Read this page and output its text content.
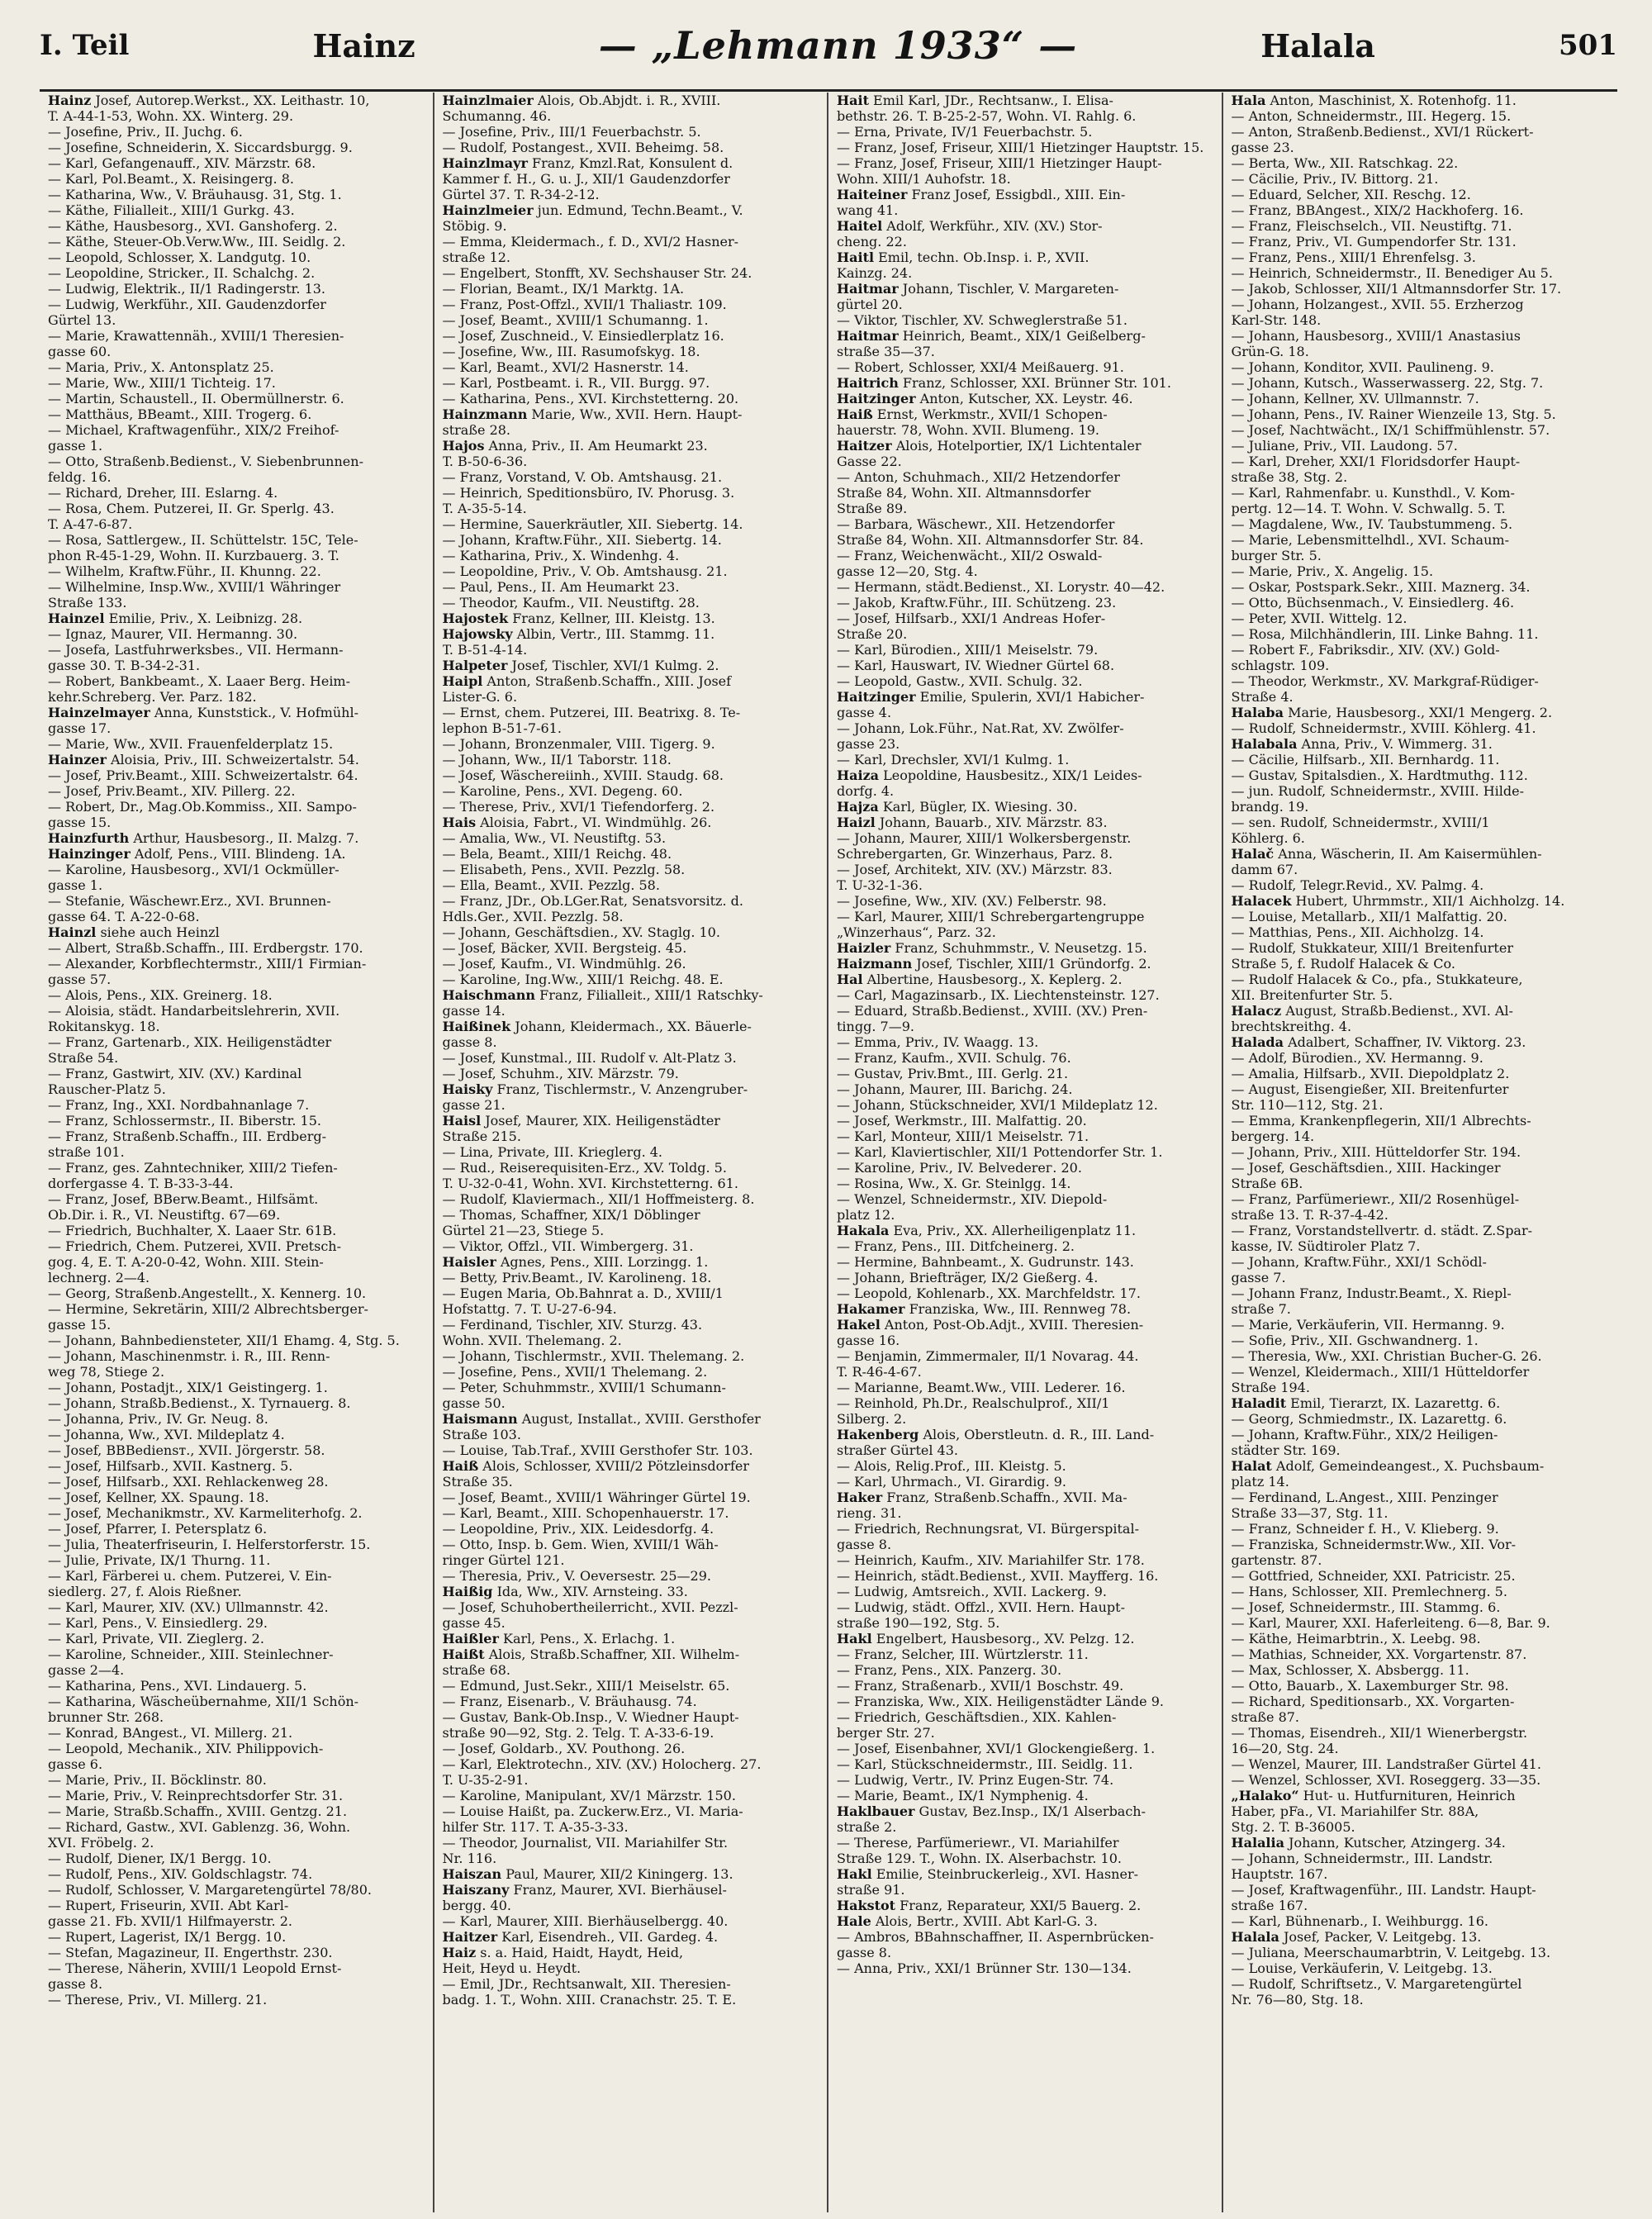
I. Teil	Hainz	— „Lehmann 1933“ —	Halala	501
Hainz Josef, Autorep.Werkst., XX. Leithastr. 10,
T. A-44-1-53, Wohn. XX. Winterg. 29.
— Josefine, Priv., II. Juchg. 6.
— Josefine, Schneiderin, X. Siccardsburgg. 9.
— Karl, Gefangenauff., XIV. Märzstr. 68.
— Karl, Pol.Beamt., X. Reisingerg. 8.
— Katharina, Ww., V. Bräuhausg. 31, Stg. 1.
— Käthe, Filialleit., XIII/1 Gurkg. 43.
— Käthe, Hausbesorg., XVI. Ganshoferg. 2.
— Käthe, Steuer-Ob.Verw.Ww., III. Seidlg. 2.
— Leopold, Schlosser, X. Landgutg. 10.
— Leopoldine, Stricker., II. Schalchg. 2.
— Ludwig, Elektrik., II/1 Radingerstr. 13.
— Ludwig, Werkführ., XII. Gaudenzdorfer
Gürtel 13.
— Marie, Krawattennäh., XVIII/1 Theresien-
gasse 60.
— Maria, Priv., X. Antonsplatz 25.
— Marie, Ww., XIII/1 Tichteig. 17.
— Martin, Schaustell., II. Obermüllnerstr. 6.
— Matthäus, BBeamt., XIII. Trogerg. 6.
— Michael, Kraftwagenführ., XIX/2 Freihof-
gasse 1.
— Otto, Straßenb.Bedienst., V. Siebenbrunnen-
feldg. 16.
— Richard, Dreher, III. Eslarng. 4.
— Rosa, Chem. Putzerei, II. Gr. Sperlg. 43.
T. A-47-6-87.
— Rosa, Sattlergew., II. Schüttelstr. 15C, Tele-
phon R-45-1-29, Wohn. II. Kurzbauerg. 3. T.
— Wilhelm, Kraftw.Führ., II. Khunng. 22.
— Wilhelmine, Insp.Ww., XVIII/1 Währinger
Straße 133.
Hainzel Emilie, Priv., X. Leibnizg. 28.
— Ignaz, Maurer, VII. Hermanng. 30.
— Josefa, Lastfuhrwerksbes., VII. Hermann-
gasse 30. T. B-34-2-31.
— Robert, Bankbeamt., X. Laaer Berg. Heim-
kehr.Schreberg. Ver. Parz. 182.
Hainzelmayer Anna, Kunststick., V. Hofmühl-
gasse 17.
— Marie, Ww., XVII. Frauenfelderplatz 15.
Hainzer Aloisia, Priv., III. Schweizertalstr. 54.
— Josef, Priv.Beamt., XIII. Schweizertalstr. 64.
— Josef, Priv.Beamt., XIV. Pillerg. 22.
— Robert, Dr., Mag.Ob.Kommiss., XII. Sampo-
gasse 15.
Hainzfurth Arthur, Hausbesorg., II. Malzg. 7.
Hainzinger Adolf, Pens., VIII. Blindeng. 1A.
— Karoline, Hausbesorg., XVI/1 Ockmüller-
gasse 1.
— Stefanie, Wäschewr.Erz., XVI. Brunnen-
gasse 64. T. A-22-0-68.
Hainzl siehe auch Heinzl
— Albert, Straßb.Schaffn., III. Erdbergstr. 170.
— Alexander, Korbflechtermstr., XIII/1 Firmian-
gasse 57.
— Alois, Pens., XIX. Greinerg. 18.
— Aloisia, städt. Handarbeitslehrerin, XVII.
Rokitanskyg. 18.
— Franz, Gartenarb., XIX. Heiligenstädter
Straße 54.
— Franz, Gastwirt, XIV. (XV.) Kardinal
Rauscher-Platz 5.
— Franz, Ing., XXI. Nordbahnanlage 7.
— Franz, Schlossermstr., II. Biberstr. 15.
— Franz, Straßenb.Schaffn., III. Erdberg-
straße 101.
— Franz, ges. Zahntechniker, XIII/2 Tiefen-
dorfergasse 4. T. B-33-3-44.
— Franz, Josef, BBerw.Beamt., Hilfsämt.
Ob.Dir. i. R., VI. Neustiftg. 67—69.
— Friedrich, Buchhalter, X. Laaer Str. 61B.
— Friedrich, Chem. Putzerei, XVII. Pretsch-
gog. 4, E. T. A-20-0-42, Wohn. XIII. Stein-
lechnerg. 2—4.
— Georg, Straßenb.Angestellt., X. Kennerg. 10.
— Hermine, Sekretärin, XIII/2 Albrechtsberger-
gasse 15.
— Johann, Bahnbediensteter, XII/1 Ehamg. 4, Stg. 5.
— Johann, Maschinenmstr. i. R., III. Renn-
weg 78, Stiege 2.
— Johann, Postadjt., XIX/1 Geistingerg. 1.
— Johann, Straßb.Bedienst., X. Tyrnauerg. 8.
— Johanna, Priv., IV. Gr. Neug. 8.
— Johanna, Ww., XVI. Mildeplatz 4.
— Josef, BBBediensт., XVII. Jörgerstr. 58.
— Josef, Hilfsarb., XVII. Kastnerg. 5.
— Josef, Hilfsarb., XXI. Rehlackenweg 28.
— Josef, Kellner, XX. Spaung. 18.
— Josef, Mechanikmstr., XV. Karmeliterhofg. 2.
— Josef, Pfarrer, I. Petersplatz 6.
— Julia, Theaterfriseurin, I. Helferstorferstr. 15.
— Julie, Private, IX/1 Thurng. 11.
— Karl, Färberei u. chem. Putzerei, V. Ein-
siedlerg. 27, f. Alois Rießner.
— Karl, Maurer, XIV. (XV.) Ullmannstr. 42.
— Karl, Pens., V. Einsiedlerg. 29.
— Karl, Private, VII. Zieglerg. 2.
— Karoline, Schneider., XIII. Steinlechner-
gasse 2—4.
— Katharina, Pens., XVI. Lindauerg. 5.
— Katharina, Wäscheübernahme, XII/1 Schön-
brunner Str. 268.
— Konrad, BAngest., VI. Millerg. 21.
— Leopold, Mechanik., XIV. Philippovich-
gasse 6.
— Marie, Priv., II. Böcklinstr. 80.
— Marie, Priv., V. Reinprechtsdorfer Str. 31.
— Marie, Straßb.Schaffn., XVIII. Gentzg. 21.
— Richard, Gastw., XVI. Gablenzg. 36, Wohn.
XVI. Fröbelg. 2.
— Rudolf, Diener, IX/1 Bergg. 10.
— Rudolf, Pens., XIV. Goldschlagstr. 74.
— Rudolf, Schlosser, V. Margaretengürtel 78/80.
— Rupert, Friseurin, XVII. Abt Karl-
gasse 21. Fb. XVII/1 Hilfmayerstr. 2.
— Rupert, Lagerist, IX/1 Bergg. 10.
— Stefan, Magazineur, II. Engerthstr. 230.
— Therese, Näherin, XVIII/1 Leopold Ernst-
gasse 8.
— Therese, Priv., VI. Millerg. 21.
Hainzlmaier Alois, Ob.Abjdt. i. R., XVIII.
Schumanng. 46.
— Josefine, Priv., III/1 Feuerbachstr. 5.
— Rudolf, Postangest., XVII. Beheimg. 58.
Hainzlmayr Franz, Kmzl.Rat, Konsulent d.
Kammer f. H., G. u. J., XII/1 Gaudenzdorfer
Gürtel 37. T. R-34-2-12.
Hainzlmeier jun. Edmund, Techn.Beamt., V.
Stöbig. 9.
— Emma, Kleidermach., f. D., XVI/2 Hasner-
straße 12.
— Engelbert, Stonfft, XV. Sechshauser Str. 24.
— Florian, Beamt., IX/1 Marktg. 1A.
— Franz, Post-Offzl., XVII/1 Thaliastr. 109.
— Josef, Beamt., XVIII/1 Schumanng. 1.
— Josef, Zuschneid., V. Einsiedlerplatz 16.
— Josefine, Ww., III. Rasumofskyg. 18.
— Karl, Beamt., XVI/2 Hasnerstr. 14.
— Karl, Postbeamt. i. R., VII. Burgg. 97.
— Katharina, Pens., XVI. Kirchstetterng. 20.
Hainzmann Marie, Ww., XVII. Hern. Haupt-
straße 28.
Hajos Anna, Priv., II. Am Heumarkt 23.
T. B-50-6-36.
— Franz, Vorstand, V. Ob. Amtshausg. 21.
— Heinrich, Speditionsbüro, IV. Phorusg. 3.
T. A-35-5-14.
— Hermine, Sauerkräutler, XII. Siebertg. 14.
— Johann, Kraftw.Führ., XII. Siebertg. 14.
— Katharina, Priv., X. Windenhg. 4.
— Leopoldine, Priv., V. Ob. Amtshausg. 21.
— Paul, Pens., II. Am Heumarkt 23.
— Theodor, Kaufm., VII. Neustiftg. 28.
Hajostek Franz, Kellner, III. Kleistg. 13.
Hajowsky Albin, Vertr., III. Stammg. 11.
T. B-51-4-14.
Halpeter Josef, Tischler, XVI/1 Kulmg. 2.
Haipl Anton, Straßenb.Schaffn., XIII. Josef
Lister-G. 6.
— Ernst, chem. Putzerei, III. Beatrixg. 8. Te-
lephon B-51-7-61.
— Johann, Bronzenmaler, VIII. Tigerg. 9.
— Johann, Ww., II/1 Taborstr. 118.
— Josef, Wäschereiinh., XVIII. Staudg. 68.
— Karoline, Pens., XVI. Degeng. 60.
— Therese, Priv., XVI/1 Tiefendorferg. 2.
Hais Aloisia, Fabrt., VI. Windmühlg. 26.
— Amalia, Ww., VI. Neustiftg. 53.
— Bela, Beamt., XIII/1 Reichg. 48.
— Elisabeth, Pens., XVII. Pezzlg. 58.
— Ella, Beamt., XVII. Pezzlg. 58.
— Franz, JDr., Ob.LGer.Rat, Senatsvorsitz. d.
Hdls.Ger., XVII. Pezzlg. 58.
— Johann, Geschäftsdien., XV. Staglg. 10.
— Josef, Bäcker, XVII. Bergsteig. 45.
— Josef, Kaufm., VI. Windmühlg. 26.
— Karoline, Ing.Ww., XIII/1 Reichg. 48. E.
Haischmann Franz, Filialleit., XIII/1 Ratschky-
gasse 14.
Haißinek Johann, Kleidermach., XX. Bäuerle-
gasse 8.
— Josef, Kunstmal., III. Rudolf v. Alt-Platz 3.
— Josef, Schuhm., XIV. Märzstr. 79.
Haisky Franz, Tischlermstr., V. Anzengruber-
gasse 21.
Haisl Josef, Maurer, XIX. Heiligenstädter
Straße 215.
— Lina, Private, III. Krieglerg. 4.
— Rud., Reiserequisiten-Erz., XV. Toldg. 5.
T. U-32-0-41, Wohn. XVI. Kirchstetterng. 61.
— Rudolf, Klaviermach., XII/1 Hoffmeisterg. 8.
— Thomas, Schaffner, XIX/1 Döblinger
Gürtel 21—23, Stiege 5.
— Viktor, Offzl., VII. Wimbergerg. 31.
Haisler Agnes, Pens., XIII. Lorzingg. 1.
— Betty, Priv.Beamt., IV. Karolineng. 18.
— Eugen Maria, Ob.Bahnrat a. D., XVIII/1
Hofstattg. 7. T. U-27-6-94.
— Ferdinand, Tischler, XIV. Sturzg. 43.
Wohn. XVII. Thelemang. 2.
— Johann, Tischlermstr., XVII. Thelemang. 2.
— Josefine, Pens., XVII/1 Thelemang. 2.
— Peter, Schuhmmstr., XVIII/1 Schumann-
gasse 50.
Haismann August, Installat., XVIII. Gersthofer
Straße 103.
— Louise, Tab.Traf., XVIII Gersthofer Str. 103.
Haiß Alois, Schlosser, XVIII/2 Pötzleinsdorfer
Straße 35.
— Josef, Beamt., XVIII/1 Währinger Gürtel 19.
— Karl, Beamt., XIII. Schopenhauerstr. 17.
— Leopoldine, Priv., XIX. Leidesdorfg. 4.
— Otto, Insp. b. Gem. Wien, XVIII/1 Wäh-
ringer Gürtel 121.
— Theresia, Priv., V. Oeversestr. 25—29.
Haißig Ida, Ww., XIV. Arnsteing. 33.
— Josef, Schuhobertheilerricht., XVII. Pezzl-
gasse 45.
Haißler Karl, Pens., X. Erlachg. 1.
Haißt Alois, Straßb.Schaffner, XII. Wilhelm-
straße 68.
— Edmund, Just.Sekr., XIII/1 Meiselstr. 65.
— Franz, Eisenarb., V. Bräuhausg. 74.
— Gustav, Bank-Ob.Insp., V. Wiedner Haupt-
straße 90—92, Stg. 2. Telg. T. A-33-6-19.
— Josef, Goldarb., XV. Pouthong. 26.
— Karl, Elektrotechn., XIV. (XV.) Holocherg. 27.
T. U-35-2-91.
— Karoline, Manipulant, XV/1 Märzstr. 150.
— Louise Haißt, pa. Zuckerw.Erz., VI. Maria-
hilfer Str. 117. T. A-35-3-33.
— Theodor, Journalist, VII. Mariahilfer Str.
Nr. 116.
Haiszan Paul, Maurer, XII/2 Kiningerg. 13.
Haiszany Franz, Maurer, XVI. Bierhäusel-
bergg. 40.
— Karl, Maurer, XIII. Bierhäuselbergg. 40.
Haitzer Karl, Eisendreh., VII. Gardeg. 4.
Haiz s. a. Haid, Haidt, Haydt, Heid,
Heit, Heyd u. Heydt.
— Emil, JDr., Rechtsanwalt, XII. Theresien-
badg. 1. T., Wohn. XIII. Cranachstr. 25. T. E.
Hait Emil Karl, JDr., Rechtsanw., I. Elisa-
bethstr. 26. T. B-25-2-57, Wohn. VI. Rahlg. 6.
— Erna, Private, IV/1 Feuerbachstr. 5.
— Franz, Josef, Friseur, XIII/1 Hietzinger Hauptstr. 15.
— Franz, Josef, Friseur, XIII/1 Hietzinger Haupt-
Wohn. XIII/1 Auhofstr. 18.
Haiteiner Franz Josef, Essigbdl., XIII. Ein-
wang 41.
Haitel Adolf, Werkführ., XIV. (XV.) Stor-
cheng. 22.
Haitl Emil, techn. Ob.Insp. i. P., XVII.
Kainzg. 24.
Haitmar Johann, Tischler, V. Margareten-
gürtel 20.
— Viktor, Tischler, XV. Schweglerstraße 51.
Haitmar Heinrich, Beamt., XIX/1 Geißelberg-
straße 35—37.
— Robert, Schlosser, XXI/4 Meißauerg. 91.
Haitrich Franz, Schlosser, XXI. Brünner Str. 101.
Haitzinger Anton, Kutscher, XX. Leystr. 46.
Haiß Ernst, Werkmstr., XVII/1 Schopen-
hauerstr. 78, Wohn. XVII. Blumeng. 19.
Haitzer Alois, Hotelportier, IX/1 Lichtentaler
Gasse 22.
— Anton, Schuhmach., XII/2 Hetzendorfer
Straße 84, Wohn. XII. Altmannsdorfer
Straße 89.
— Barbara, Wäschewr., XII. Hetzendorfer
Straße 84, Wohn. XII. Altmannsdorfer Str. 84.
— Franz, Weichenwächt., XII/2 Oswald-
gasse 12—20, Stg. 4.
— Hermann, städt.Bedienst., XI. Lorystr. 40—42.
— Jakob, Kraftw.Führ., III. Schützeng. 23.
— Josef, Hilfsarb., XXI/1 Andreas Hofer-
Straße 20.
— Karl, Bürodien., XIII/1 Meiselstr. 79.
— Karl, Hauswart, IV. Wiedner Gürtel 68.
— Leopold, Gastw., XVII. Schulg. 32.
Haitzinger Emilie, Spulerin, XVI/1 Habicher-
gasse 4.
— Johann, Lok.Führ., Nat.Rat, XV. Zwölfer-
gasse 23.
— Karl, Drechsler, XVI/1 Kulmg. 1.
Haiza Leopoldine, Hausbesitz., XIX/1 Leides-
dorfg. 4.
Hajza Karl, Bügler, IX. Wiesing. 30.
Haizl Johann, Bauarb., XIV. Märzstr. 83.
— Johann, Maurer, XIII/1 Wolkersbergenstr.
Schrebergarten, Gr. Winzerhaus, Parz. 8.
— Josef, Architekt, XIV. (XV.) Märzstr. 83.
T. U-32-1-36.
— Josefine, Ww., XIV. (XV.) Felberstr. 98.
— Karl, Maurer, XIII/1 Schrebergartengruppe
„Winzerhaus“, Parz. 32.
Haizler Franz, Schuhmmstr., V. Neusetzg. 15.
Haizmann Josef, Tischler, XIII/1 Gründorfg. 2.
Hal Albertine, Hausbesorg., X. Keplerg. 2.
— Carl, Magazinsarb., IX. Liechtensteinstr. 127.
— Eduard, Straßb.Bedienst., XVIII. (XV.) Pren-
tingg. 7—9.
— Emma, Priv., IV. Waagg. 13.
— Franz, Kaufm., XVII. Schulg. 76.
— Gustav, Priv.Bmt., III. Gerlg. 21.
— Johann, Maurer, III. Barichg. 24.
— Johann, Stückschneider, XVI/1 Mildeplatz 12.
— Josef, Werkmstr., III. Malfattig. 20.
— Karl, Monteur, XIII/1 Meiselstr. 71.
— Karl, Klaviertischler, XII/1 Pottendorfer Str. 1.
— Karoline, Priv., IV. Belvederег. 20.
— Rosina, Ww., X. Gr. Steinlgg. 14.
— Wenzel, Schneidermstr., XIV. Diepold-
platz 12.
Hakala Eva, Priv., XX. Allerheiligenplatz 11.
— Franz, Pens., III. Ditfcheinerg. 2.
— Hermine, Bahnbeamt., X. Gudrunstr. 143.
— Johann, Briefträger, IX/2 Gießerg. 4.
— Leopold, Kohlenarb., XX. Marchfeldstr. 17.
Hakamer Franziska, Ww., III. Rennweg 78.
Hakel Anton, Post-Ob.Adjt., XVIII. Theresien-
gasse 16.
— Benjamin, Zimmermaler, II/1 Novarag. 44.
T. R-46-4-67.
— Marianne, Beamt.Ww., VIII. Lederer. 16.
— Reinhold, Ph.Dr., Realschulprof., XII/1
Silberg. 2.
Hakenberg Alois, Oberstleutn. d. R., III. Land-
straßer Gürtel 43.
— Alois, Relig.Prof., III. Kleistg. 5.
— Karl, Uhrmach., VI. Girardig. 9.
Haker Franz, Straßenb.Schaffn., XVII. Ma-
rieng. 31.
— Friedrich, Rechnungsrat, VI. Bürgerspital-
gasse 8.
— Heinrich, Kaufm., XIV. Mariahilfer Str. 178.
— Heinrich, städt.Bedienst., XVII. Mayfferg. 16.
— Ludwig, Amtsreich., XVII. Lackerg. 9.
— Ludwig, städt. Offzl., XVII. Hern. Haupt-
straße 190—192, Stg. 5.
Hakl Engelbert, Hausbesorg., XV. Pelzg. 12.
— Franz, Selcher, III. Würtzlerstr. 11.
— Franz, Pens., XIX. Panzerg. 30.
— Franz, Straßenarb., XVII/1 Boschstr. 49.
— Franziska, Ww., XIX. Heiligenstädter Lände 9.
— Friedrich, Geschäftsdien., XIX. Kahlen-
berger Str. 27.
— Josef, Eisenbahner, XVI/1 Glockengießerg. 1.
— Karl, Stückschneidermstr., III. Seidlg. 11.
— Ludwig, Vertr., IV. Prinz Eugen-Str. 74.
— Marie, Beamt., IX/1 Nymphenig. 4.
Haklbauer Gustav, Bez.Insp., IX/1 Alserbach-
straße 2.
— Therese, Parfümeriewr., VI. Mariahilfer
Straße 129. T., Wohn. IX. Alserbachstr. 10.
Hakl Emilie, Steinbruckerleig., XVI. Hasner-
straße 91.
Hakstot Franz, Reparateur, XXI/5 Bauerg. 2.
Hale Alois, Bertr., XVIII. Abt Karl-G. 3.
— Ambros, BBahnschaffner, II. Aspernbrücken-
gasse 8.
— Anna, Priv., XXI/1 Brünner Str. 130—134.
Hala Anton, Maschinist, X. Rotenhofg. 11.
— Anton, Schneidermstr., III. Hegerg. 15.
— Anton, Straßenb.Bedienst., XVI/1 Rückert-
gasse 23.
— Berta, Ww., XII. Ratschkag. 22.
— Cäcilie, Priv., IV. Bittorg. 21.
— Eduard, Selcher, XII. Reschg. 12.
— Franz, BBAngest., XIX/2 Hackhoferg. 16.
— Franz, Fleischselch., VII. Neustiftg. 71.
— Franz, Priv., VI. Gumpendorfer Str. 131.
— Franz, Pens., XIII/1 Ehrenfelsg. 3.
— Heinrich, Schneidermstr., II. Benediger Au 5.
— Jakob, Schlosser, XII/1 Altmannsdorfer Str. 17.
— Johann, Holzangest., XVII. 55. Erzherzog
Karl-Str. 148.
— Johann, Hausbesorg., XVIII/1 Anastasius
Grün-G. 18.
— Johann, Konditor, XVII. Paulineng. 9.
— Johann, Kutsch., Wasserwasserg. 22, Stg. 7.
— Johann, Kellner, XV. Ullmannstr. 7.
— Johann, Pens., IV. Rainer Wienzeile 13, Stg. 5.
— Josef, Nachtwächt., IX/1 Schiffmühlenstr. 57.
— Juliane, Priv., VII. Laudong. 57.
— Karl, Dreher, XXI/1 Floridsdorfer Haupt-
straße 38, Stg. 2.
— Karl, Rahmenfabr. u. Kunsthdl., V. Kom-
pertg. 12—14. T. Wohn. V. Schwallg. 5. T.
— Magdalene, Ww., IV. Taubstummeng. 5.
— Marie, Lebensmittelhdl., XVI. Schaum-
burger Str. 5.
— Marie, Priv., X. Angelig. 15.
— Oskar, Postspark.Sekr., XIII. Maznerg. 34.
— Otto, Büchsenmach., V. Einsiedlerg. 46.
— Peter, XVII. Wittelg. 12.
— Rosa, Milchhändlerin, III. Linke Bahng. 11.
— Robert F., Fabriksdir., XIV. (XV.) Gold-
schlagstr. 109.
— Theodor, Werkmstr., XV. Markgraf-Rüdiger-
Straße 4.
Halaba Marie, Hausbesorg., XXI/1 Mengerg. 2.
— Rudolf, Schneidermstr., XVIII. Köhlerg. 41.
Halabala Anna, Priv., V. Wimmerg. 31.
— Cäcilie, Hilfsarb., XII. Bernhardg. 11.
— Gustav, Spitalsdien., X. Hardtmuthg. 112.
— jun. Rudolf, Schneidermstr., XVIII. Hilde-
brandg. 19.
— sen. Rudolf, Schneidermstr., XVIII/1
Köhlerg. 6.
Halač Anna, Wäscherin, II. Am Kaisermühlen-
damm 67.
— Rudolf, Telegr.Revid., XV. Palmg. 4.
Halacek Hubert, Uhrmmstr., XII/1 Aichholzg. 14.
— Louise, Metallarb., XII/1 Malfattig. 20.
— Matthias, Pens., XII. Aichholzg. 14.
— Rudolf, Stukkateur, XIII/1 Breitenfurter
Straße 5, f. Rudolf Halacek & Co.
— Rudolf Halacek & Co., pfa., Stukkateure,
XII. Breitenfurter Str. 5.
Halacz August, Straßb.Bedienst., XVI. Al-
brechtskreithg. 4.
Halada Adalbert, Schaffner, IV. Viktorg. 23.
— Adolf, Bürodien., XV. Hermanng. 9.
— Amalia, Hilfsarb., XVII. Diepoldplatz 2.
— August, Eisengießer, XII. Breitenfurter
Str. 110—112, Stg. 21.
— Emma, Krankenpflegerin, XII/1 Albrechts-
bergerg. 14.
— Johann, Priv., XIII. Hütteldorfer Str. 194.
— Josef, Geschäftsdien., XIII. Hackinger
Straße 6B.
— Franz, Parfümeriewr., XII/2 Rosenhügel-
straße 13. T. R-37-4-42.
— Franz, Vorstandstellvertr. d. städt. Z.Spar-
kasse, IV. Südtiroler Platz 7.
— Johann, Kraftw.Führ., XXI/1 Schödl-
gasse 7.
— Johann Franz, Industr.Beamt., X. Riepl-
straße 7.
— Marie, Verkäuferin, VII. Hermanng. 9.
— Sofie, Priv., XII. Gschwandnerg. 1.
— Theresia, Ww., XXI. Christian Bucher-G. 26.
— Wenzel, Kleidermach., XIII/1 Hütteldorfer
Straße 194.
Haladit Emil, Tierarzt, IX. Lazarettg. 6.
— Georg, Schmiedmstr., IX. Lazarettg. 6.
— Johann, Kraftw.Führ., XIX/2 Heiligen-
städter Str. 169.
Halat Adolf, Gemeindeangest., X. Puchsbaum-
platz 14.
— Ferdinand, L.Angest., XIII. Penzinger
Straße 33—37, Stg. 11.
— Franz, Schneider f. H., V. Klieberg. 9.
— Franziska, Schneidermstr.Ww., XII. Vor-
gartenstr. 87.
— Gottfried, Schneider, XXI. Patricistr. 25.
— Hans, Schlosser, XII. Premlechnerg. 5.
— Josef, Schneidermstr., III. Stammg. 6.
— Karl, Maurer, XXI. Haferleiteng. 6—8, Bar. 9.
— Käthe, Heimarbtrin., X. Leebg. 98.
— Mathias, Schneider, XX. Vorgartenstr. 87.
— Max, Schlosser, X. Absbergg. 11.
— Otto, Bauarb., X. Laxemburger Str. 98.
— Richard, Speditionsarb., XX. Vorgarten-
straße 87.
— Thomas, Eisendreh., XII/1 Wienerbergstr.
16—20, Stg. 24.
— Wenzel, Maurer, III. Landstraßer Gürtel 41.
— Wenzel, Schlosser, XVI. Roseggerg. 33—35.
„Halako“ Hut- u. Hutfurnituren, Heinrich
Haber, pFa., VI. Mariahilfer Str. 88A,
Stg. 2. T. B-36005.
Halalia Johann, Kutscher, Atzingerg. 34.
— Johann, Schneidermstr., III. Landstr.
Hauptstr. 167.
— Josef, Kraftwagenführ., III. Landstr. Haupt-
straße 167.
— Karl, Bühnenarb., I. Weihburgg. 16.
Halala Josef, Packer, V. Leitgebg. 13.
— Juliana, Meerschaumarbtrin, V. Leitgebg. 13.
— Louise, Verkäuferin, V. Leitgebg. 13.
— Rudolf, Schriftsetz., V. Margaretengürtel
Nr. 76—80, Stg. 18.
